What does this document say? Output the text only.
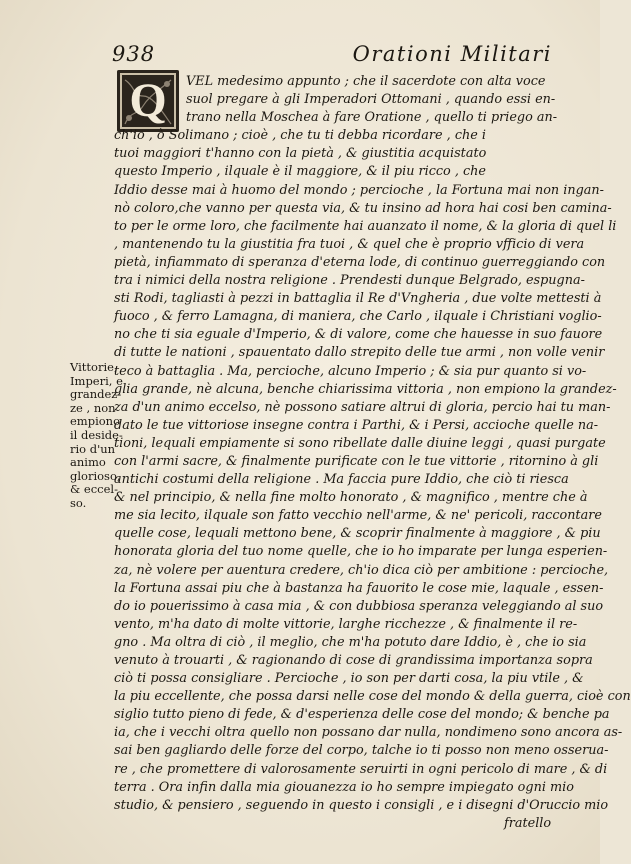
938	Orationi Militari
Q
Vittorie,
Imperi, e
grandez-
ze , non
empiono
il deside-
rio d'un
animo
glorioso,
& eccel-
so.
VEL medesimo appunto ; che il sacerdote con alta voce
suol pregare à gli Imperadori Ottomani , quando essi en-
trano nella Moschea à fare Oratione , quello ti priego an-
ch'io , ò Solimano ; cioè , che tu ti debba ricordare , che i
tuoi maggiori t'hanno con la pietà , & giustitia acquistato
questo Imperio , ilquale è il maggiore, & il piu ricco , che
Iddio desse mai à huomo del mondo ; percioche , la Fortuna mai non ingan-
nò coloro,che vanno per questa via, & tu insino ad hora hai cosi ben camina-
to per le orme loro, che facilmente hai auanzato il nome, & la gloria di quel li
, mantenendo tu la giustitia fra tuoi , & quel che è proprio vfficio di vera
pietà, infiammato di speranza d'eterna lode, di continuo guerreggiando con
tra i nimici della nostra religione . Prendesti dunque Belgrado, espugna-
sti Rodi, tagliasti à pezzi in battaglia il Re d'Vngheria , due volte mettesti à
fuoco , & ferro Lamagna, di maniera, che Carlo , ilquale i Christiani voglio-
no che ti sia eguale d'Imperio, & di valore, come che hauesse in suo fauore
di tutte le nationi , spauentato dallo strepito delle tue armi , non volle venir
teco à battaglia . Ma, percioche, alcuno Imperio ; & sia pur quanto si vo-
glia grande, nè alcuna, benche chiarissima vittoria , non empiono la grandez-
za d'un animo eccelso, nè possono satiare altrui di gloria, percio hai tu man-
dato le tue vittoriose insegne contra i Parthi, & i Persi, accioche quelle na-
tioni, lequali empiamente si sono ribellate dalle diuine leggi , quasi purgate
con l'armi sacre, & finalmente purificate con le tue vittorie , ritornino à gli
antichi costumi della religione . Ma faccia pure Iddio, che ciò ti riesca
& nel principio, & nella fine molto honorato , & magnifico , mentre che à
me sia lecito, ilquale son fatto vecchio nell'arme, & ne' pericoli, raccontare
quelle cose, lequali mettono bene, & scoprir finalmente à maggiore , & piu
honorata gloria del tuo nome quelle, che io ho imparate per lunga esperien-
za, nè volere per auentura credere, ch'io dica ciò per ambitione : percioche,
la Fortuna assai piu che à bastanza ha fauorito le cose mie, laquale , essen-
do io pouerissimo à casa mia , & con dubbiosa speranza veleggiando al suo
vento, m'ha dato di molte vittorie, larghe ricchezze , & finalmente il re-
gno . Ma oltra di ciò , il meglio, che m'ha potuto dare Iddio, è , che io sia
venuto à trouarti , & ragionando di cose di grandissima importanza sopra
ciò ti possa consigliare . Percioche , io son per darti cosa, la piu vtile , &
la piu eccellente, che possa darsi nelle cose del mondo & della guerra, cioè con
siglio tutto pieno di fede, & d'esperienza delle cose del mondo; & benche pa
ia, che i vecchi oltra quello non possano dar nulla, nondimeno sono ancora as-
sai ben gagliardo delle forze del corpo, talche io ti posso non meno osserua-
re , che promettere di valorosamente seruirti in ogni pericolo di mare , & di
terra . Ora infin dalla mia giouanezza io ho sempre impiegato ogni mio
studio, & pensiero , seguendo in questo i consigli , e i disegni d'Oruccio mio
fratello
